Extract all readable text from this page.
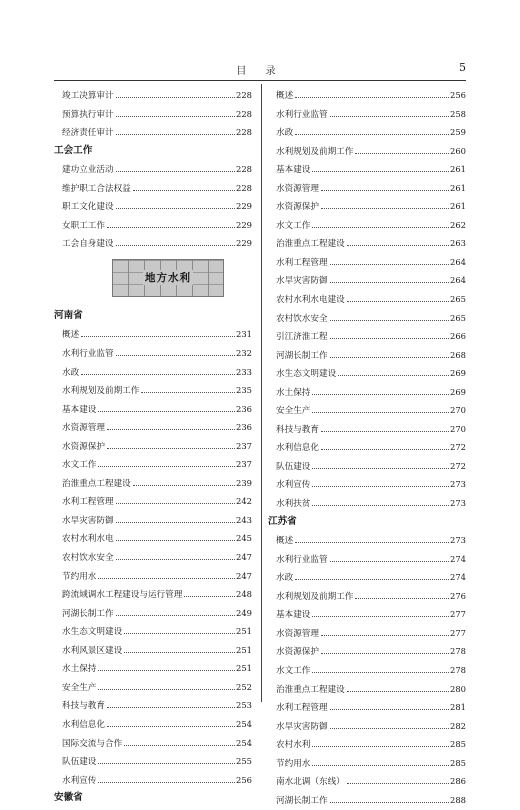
目 录	5
竣工决算审计	228
预算执行审计	228
经济责任审计	228
工会工作
建功立业活动	228
维护职工合法权益	228
职工文化建设	229
女职工工作	229
工会自身建设	229
地方水利
河南省
概述	231
水利行业监管	232
水政	233
水利规划及前期工作	235
基本建设	236
水资源管理	236
水资源保护	237
水文工作	237
治淮重点工程建设	239
水利工程管理	242
水旱灾害防御	243
农村水利水电	245
农村饮水安全	247
节约用水	247
跨流域调水工程建设与运行管理	248
河湖长制工作	249
水生态文明建设	251
水利风景区建设	251
水土保持	251
安全生产	252
科技与教育	253
水利信息化	254
国际交流与合作	254
队伍建设	255
水利宣传	256
安徽省
概述	256
水利行业监管	258
水政	259
水利规划及前期工作	260
基本建设	261
水资源管理	261
水资源保护	261
水文工作	262
治淮重点工程建设	263
水利工程管理	264
水旱灾害防御	264
农村水利水电建设	265
农村饮水安全	265
引江济淮工程	266
河湖长制工作	268
水生态文明建设	269
水土保持	269
安全生产	270
科技与教育	270
水利信息化	272
队伍建设	272
水利宣传	273
水利扶贫	273
江苏省
概述	273
水利行业监管	274
水政	274
水利规划及前期工作	276
基本建设	277
水资源管理	277
水资源保护	278
水文工作	278
治淮重点工程建设	280
水利工程管理	281
水旱灾害防御	282
农村水利	285
节约用水	285
南水北调（东线）	286
河湖长制工作	288
